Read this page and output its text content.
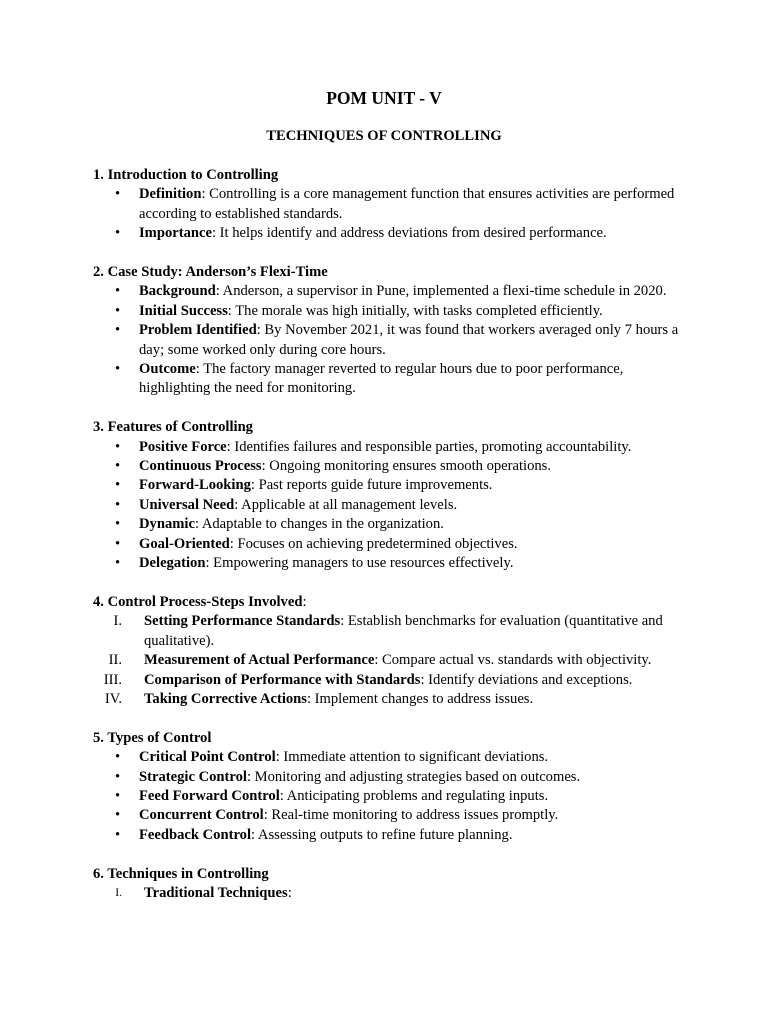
POM UNIT - V
TECHNIQUES OF CONTROLLING

1. Introduction to Controlling

• Definition: Controlling is a core management function that ensures activities are performed according to established standards.
• Importance: It helps identify and address deviations from desired performance.

2. Case Study: Anderson’s Flexi-Time

• Background: Anderson, a supervisor in Pune, implemented a flexi-time schedule in 2020.
• Initial Success: The morale was high initially, with tasks completed efficiently.
• Problem Identified: By November 2021, it was found that workers averaged only 7 hours a day; some worked only during core hours.
• Outcome: The factory manager reverted to regular hours due to poor performance, highlighting the need for monitoring.

3. Features of Controlling

• Positive Force: Identifies failures and responsible parties, promoting accountability.
• Continuous Process: Ongoing monitoring ensures smooth operations.
• Forward-Looking: Past reports guide future improvements.
• Universal Need: Applicable at all management levels.
• Dynamic: Adaptable to changes in the organization.
• Goal-Oriented: Focuses on achieving predetermined objectives.
• Delegation: Empowering managers to use resources effectively.

4. Control Process-Steps Involved:

I. Setting Performance Standards: Establish benchmarks for evaluation (quantitative and qualitative).
II. Measurement of Actual Performance: Compare actual vs. standards with objectivity.
III. Comparison of Performance with Standards: Identify deviations and exceptions.
IV. Taking Corrective Actions: Implement changes to address issues.

5. Types of Control

• Critical Point Control: Immediate attention to significant deviations.
• Strategic Control: Monitoring and adjusting strategies based on outcomes.
• Feed Forward Control: Anticipating problems and regulating inputs.
• Concurrent Control: Real-time monitoring to address issues promptly.
• Feedback Control: Assessing outputs to refine future planning.

6. Techniques in Controlling

I. Traditional Techniques:
